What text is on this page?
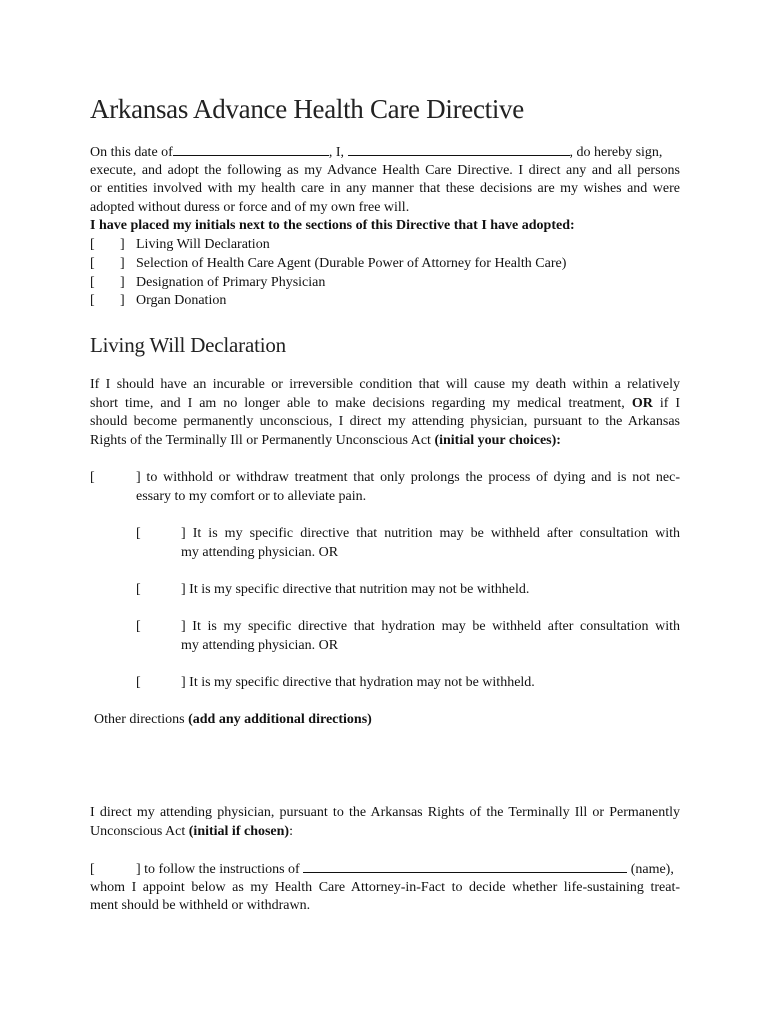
Arkansas Advance Health Care Directive
On this date of	, I,	, do hereby sign,
execute, and adopt the following as my Advance Health Care Directive. I direct any and all persons
or entities involved with my health care in any manner that these decisions are my wishes and were
adopted without duress or force and of my own free will.
I have placed my initials next to the sections of this Directive that I have adopted:
[ ] Living Will Declaration
[ ] Selection of Health Care Agent (Durable Power of Attorney for Health Care)
[ ] Designation of Primary Physician
[ ] Organ Donation
Living Will Declaration
If I should have an incurable or irreversible condition that will cause my death within a relatively
short time, and I am no longer able to make decisions regarding my medical treatment, OR if I
should become permanently unconscious, I direct my attending physician, pursuant to the Arkansas
Rights of the Terminally Ill or Permanently Unconscious Act (initial your choices):
[	] to withhold or withdraw treatment that only prolongs the process of dying and is not nec-
essary to my comfort or to alleviate pain.
[	] It is my specific directive that nutrition may be withheld after consultation with
my attending physician. OR
[	] It is my specific directive that nutrition may not be withheld.
[	] It is my specific directive that hydration may be withheld after consultation with
my attending physician. OR
[	] It is my specific directive that hydration may not be withheld.
Other directions (add any additional directions)
I direct my attending physician, pursuant to the Arkansas Rights of the Terminally Ill or Permanently
Unconscious Act (initial if chosen):
[	] to follow the instructions of	(name),
whom I appoint below as my Health Care Attorney-in-Fact to decide whether life-sustaining treat-
ment should be withheld or withdrawn.
